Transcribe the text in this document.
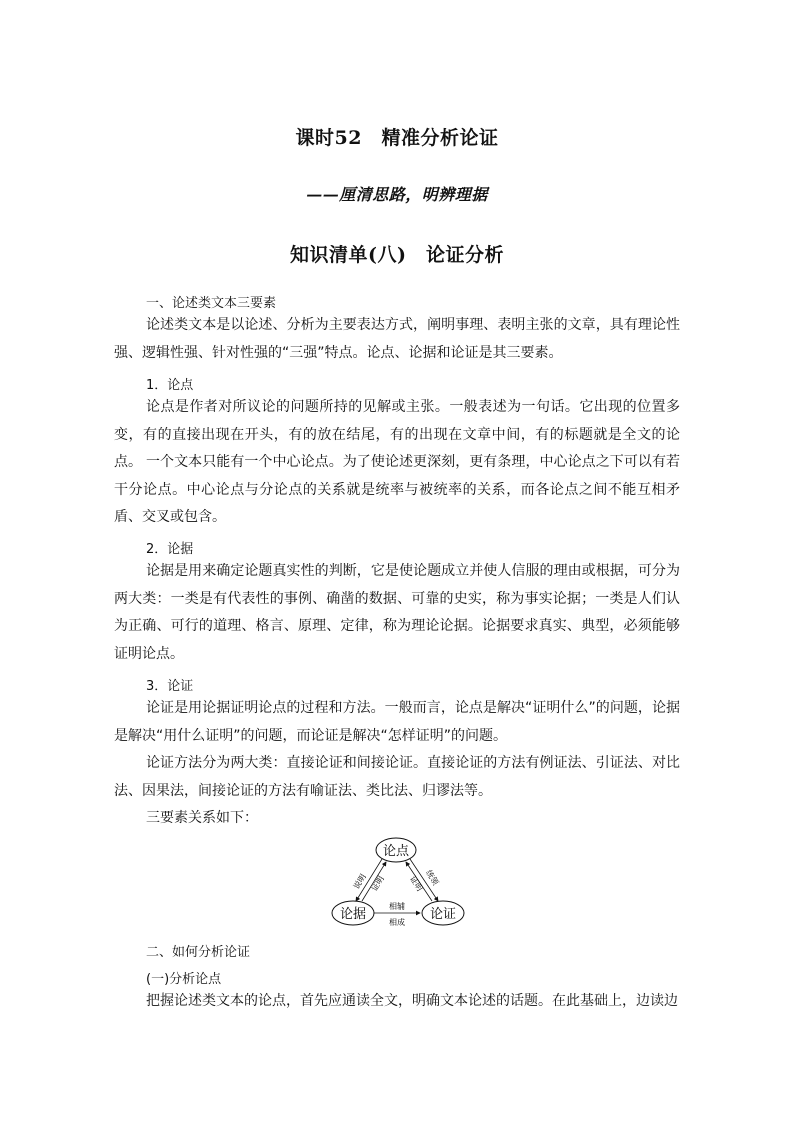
课时52　精准分析论证
——厘清思路，明辨理据
知识清单(八)　论证分析
一、论述类文本三要素
论述类文本是以论述、分析为主要表达方式，阐明事理、表明主张的文章，具有理论性强、逻辑性强、针对性强的“三强”特点。论点、论据和论证是其三要素。
1．论点
论点是作者对所议论的问题所持的见解或主张。一般表述为一句话。它出现的位置多变，有的直接出现在开头，有的放在结尾，有的出现在文章中间，有的标题就是全文的论点。 一个文本只能有一个中心论点。为了使论述更深刻，更有条理，中心论点之下可以有若干分论点。中心论点与分论点的关系就是统率与被统率的关系，而各论点之间不能互相矛盾、交叉或包含。
2．论据
论据是用来确定论题真实性的判断，它是使论题成立并使人信服的理由或根据，可分为两大类：一类是有代表性的事例、确凿的数据、可靠的史实，称为事实论据；一类是人们认为正确、可行的道理、格言、原理、定律，称为理论论据。论据要求真实、典型，必须能够证明论点。
3．论证
论证是用论据证明论点的过程和方法。一般而言，论点是解决“证明什么”的问题，论据是解决“用什么证明”的问题，而论证是解决“怎样证明”的问题。
论证方法分为两大类：直接论证和间接论证。直接论证的方法有例证法、引证法、对比法、因果法，间接论证的方法有喻证法、类比法、归谬法等。
三要素关系如下：
论点
论据	论证
说明 证明	统领
证明
相辅
相成
二、如何分析论证
(一)分析论点
把握论述类文本的论点，首先应通读全文，明确文本论述的话题。在此基础上，边读边
